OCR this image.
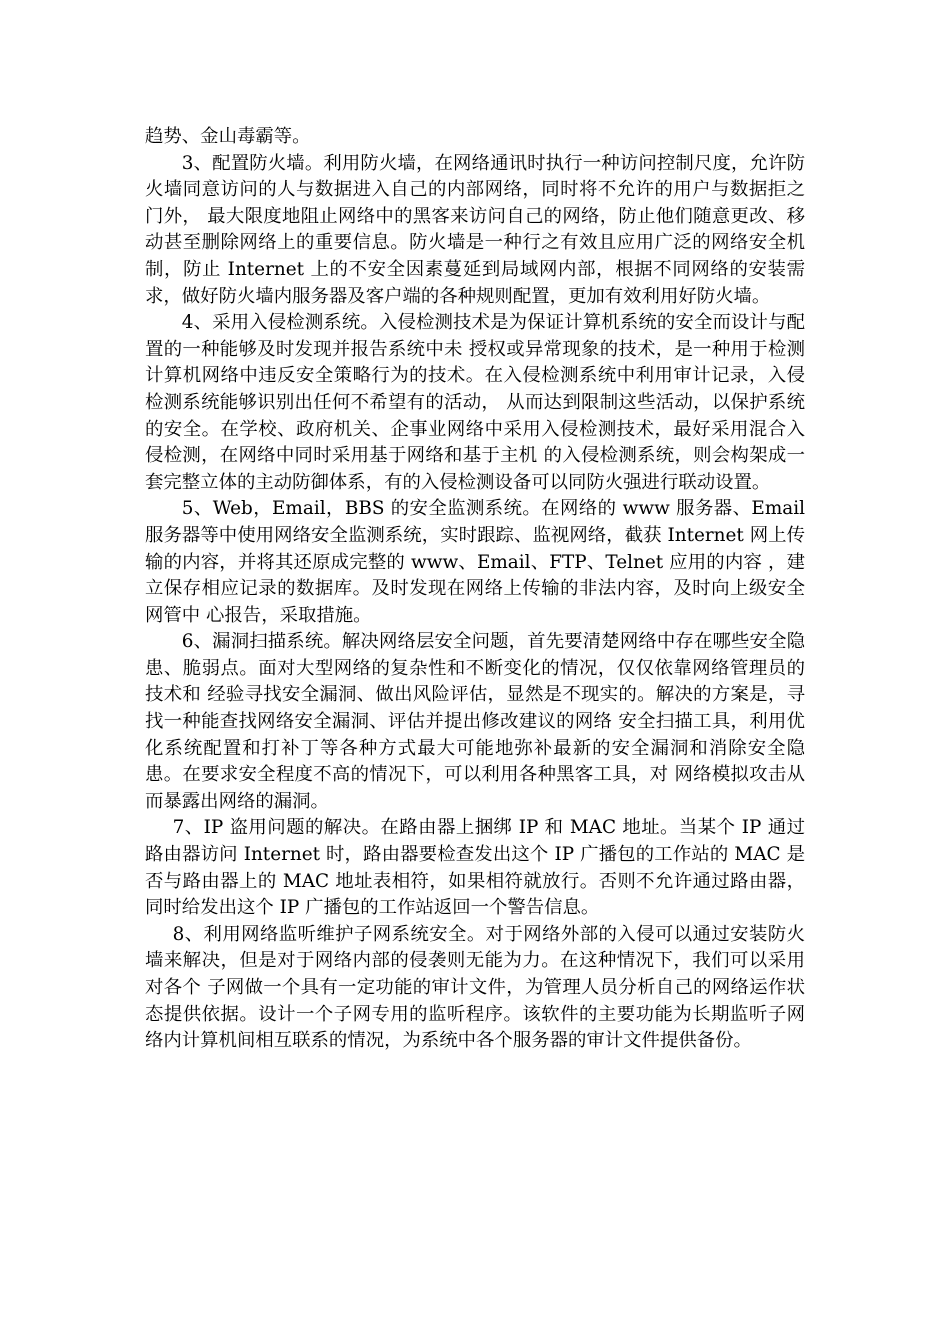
趋势、金山毒霸等。

3、配置防火墙。利用防火墙，在网络通讯时执行一种访问控制尺度，允许防火墙同意访问的人与数据进入自己的内部网络，同时将不允许的用户与数据拒之门外， 最大限度地阻止网络中的黑客来访问自己的网络，防止他们随意更改、移动甚至删除网络上的重要信息。防火墙是一种行之有效且应用广泛的网络安全机制，防止 Internet 上的不安全因素蔓延到局域网内部，根据不同网络的安装需求，做好防火墙内服务器及客户端的各种规则配置，更加有效利用好防火墙。

4、采用入侵检测系统。入侵检测技术是为保证计算机系统的安全而设计与配置的一种能够及时发现并报告系统中未 授权或异常现象的技术，是一种用于检测计算机网络中违反安全策略行为的技术。在入侵检测系统中利用审计记录，入侵检测系统能够识别出任何不希望有的活动， 从而达到限制这些活动，以保护系统的安全。在学校、政府机关、企事业网络中采用入侵检测技术，最好采用混合入侵检测，在网络中同时采用基于网络和基于主机 的入侵检测系统，则会构架成一套完整立体的主动防御体系，有的入侵检测设备可以同防火强进行联动设置。

5、Web，Email，BBS 的安全监测系统。在网络的 www 服务器、Email 服务器等中使用网络安全监测系统，实时跟踪、监视网络，截获 Internet 网上传输的内容，并将其还原成完整的 www、Email、FTP、Telnet 应用的内容 ，建立保存相应记录的数据库。及时发现在网络上传输的非法内容，及时向上级安全网管中 心报告，采取措施。

6、漏洞扫描系统。解决网络层安全问题，首先要清楚网络中存在哪些安全隐患、脆弱点。面对大型网络的复杂性和不断变化的情况，仅仅依靠网络管理员的技术和 经验寻找安全漏洞、做出风险评估，显然是不现实的。解决的方案是，寻找一种能查找网络安全漏洞、评估并提出修改建议的网络 安全扫描工具，利用优化系统配置和打补丁等各种方式最大可能地弥补最新的安全漏洞和消除安全隐患。在要求安全程度不高的情况下，可以利用各种黑客工具，对 网络模拟攻击从而暴露出网络的漏洞。

7、IP 盗用问题的解决。在路由器上捆绑 IP 和 MAC 地址。当某个 IP 通过路由器访问 Internet 时，路由器要检查发出这个 IP 广播包的工作站的 MAC 是否与路由器上的 MAC 地址表相符，如果相符就放行。否则不允许通过路由器，同时给发出这个 IP 广播包的工作站返回一个警告信息。

8、利用网络监听维护子网系统安全。对于网络外部的入侵可以通过安装防火墙来解决，但是对于网络内部的侵袭则无能为力。在这种情况下，我们可以采用对各个 子网做一个具有一定功能的审计文件，为管理人员分析自己的网络运作状态提供依据。设计一个子网专用的监听程序。该软件的主要功能为长期监听子网络内计算机间相互联系的情况，为系统中各个服务器的审计文件提供备份。
